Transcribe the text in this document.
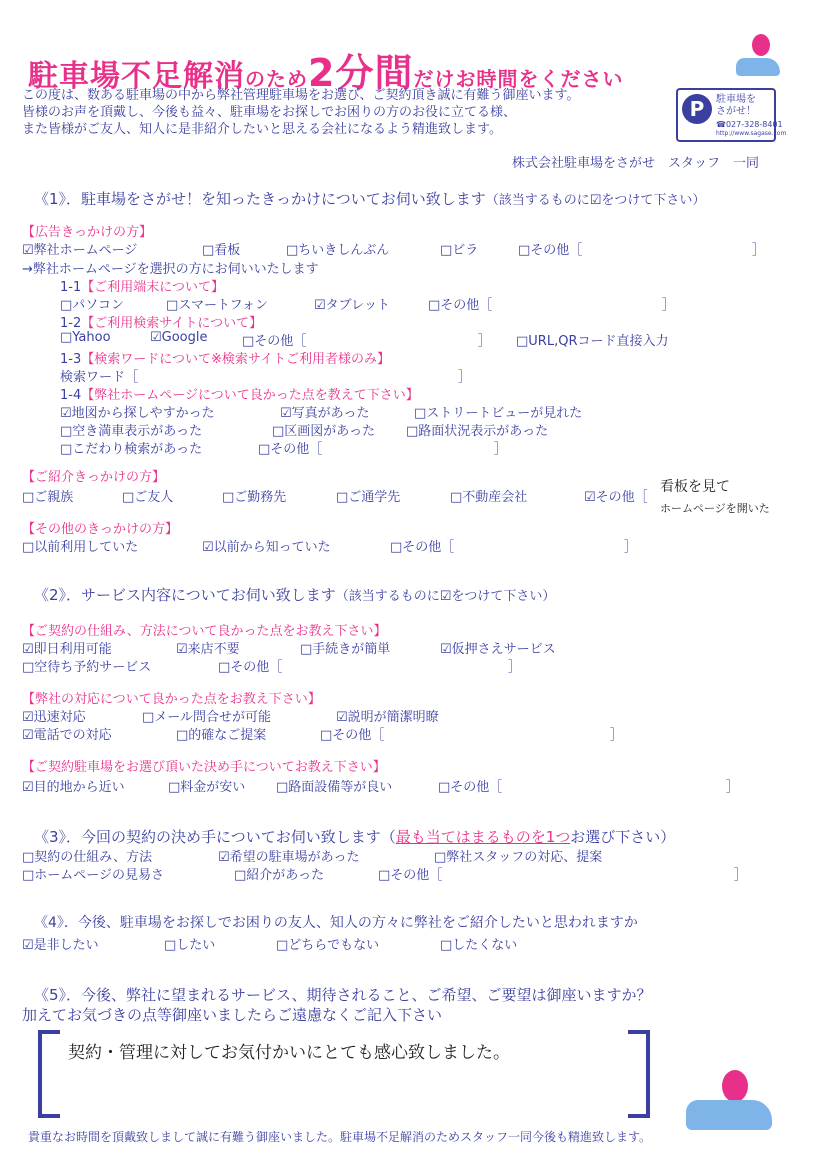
駐車場不足解消のため2分間だけお時間をください
この度は、数ある駐車場の中から弊社管理駐車場をお選び、ご契約頂き誠に有難う御座います。
皆様のお声を頂戴し、今後も益々、駐車場をお探しでお困りの方のお役に立てる様、
また皆様がご友人、知人に是非紹介したいと思える会社になるよう精進致します。
P	駐車場を
さがせ！
☎027-328-8401
http://www.sagase.com
株式会社駐車場をさがせ　スタッフ　一同
《1》．駐車場をさがせ！を知ったきっかけについてお伺い致します（該当するものに☑をつけて下さい）
【広告きっかけの方】
☑弊社ホームページ	□看板	□ちいきしんぶん	□ビラ	□その他［	］
→弊社ホームページを選択の方にお伺いいたします
1-1【ご利用端末について】
□パソコン	□スマートフォン	☑タブレット	□その他［	］
1-2【ご利用検索サイトについて】
□Yahoo	☑Google	□その他［	］ □URL,QRコード直接入力
1-3【検索ワードについて※検索サイトご利用者様のみ】
検索ワード［	］
1-4【弊社ホームページについて良かった点を教えて下さい】
☑地図から探しやすかった	☑写真があった	□ストリートビューが見れた
□空き満車表示があった	□区画図があった □路面状況表示があった
□こだわり検索があった	□その他［	］
【ご紹介きっかけの方】
□ご親族	□ご友人	□ご勤務先	□ご通学先	□不動産会社	☑その他［
看板を見て
ホームページを開いた
【その他のきっかけの方】
□以前利用していた	☑以前から知っていた	□その他［	］
《2》．サービス内容についてお伺い致します（該当するものに☑をつけて下さい）
【ご契約の仕組み、方法について良かった点をお教え下さい】
☑即日利用可能	☑来店不要	□手続きが簡単	☑仮押さえサービス
□空待ち予約サービス	□その他［	］
【弊社の対応について良かった点をお教え下さい】
☑迅速対応	□メール問合せが可能	☑説明が簡潔明瞭
☑電話での対応	□的確なご提案	□その他［	］
【ご契約駐車場をお選び頂いた決め手についてお教え下さい】
☑目的地から近い	□料金が安い □路面設備等が良い	□その他［	］
《3》．今回の契約の決め手についてお伺い致します（最も当てはまるものを1つお選び下さい）
□契約の仕組み、方法	☑希望の駐車場があった	□弊社スタッフの対応、提案
□ホームページの見易さ	□紹介があった	□その他［	］
《4》．今後、駐車場をお探しでお困りの友人、知人の方々に弊社をご紹介したいと思われますか
☑是非したい	□したい	□どちらでもない	□したくない
《5》．今後、弊社に望まれるサービス、期待されること、ご希望、ご要望は御座いますか？
加えてお気づきの点等御座いましたらご遠慮なくご記入下さい
契約・管理に対してお気付かいにとても感心致しました。
貴重なお時間を頂戴致しまして誠に有難う御座いました。駐車場不足解消のためスタッフ一同今後も精進致します。
